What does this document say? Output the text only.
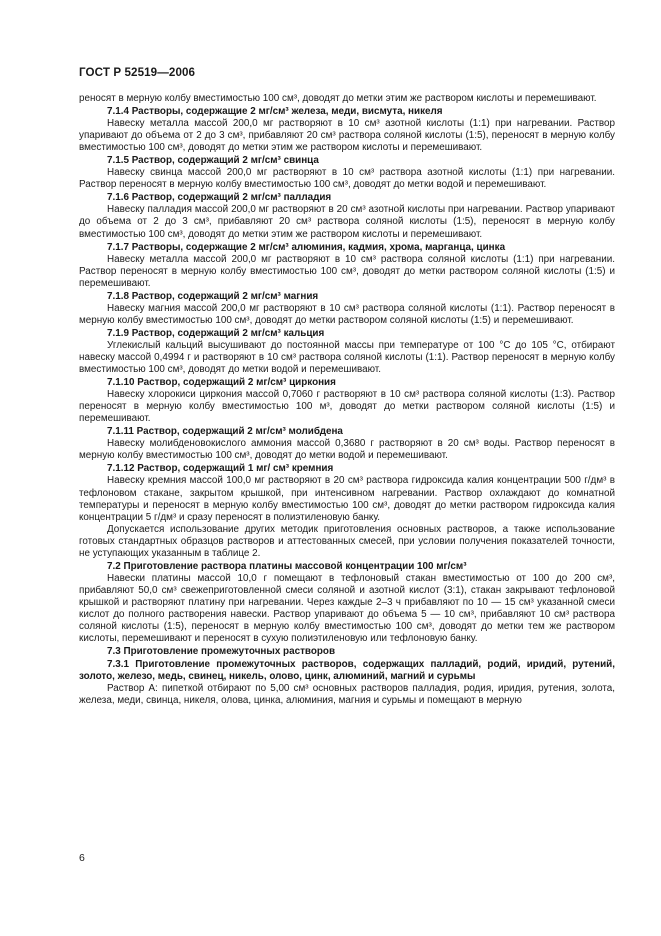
ГОСТ Р 52519—2006

реносят в мерную колбу вместимостью 100 см³, доводят до метки этим же раствором кислоты и перемешивают.

7.1.4 Растворы, содержащие 2 мг/см³ железа, меди, висмута, никеля

Навеску металла массой 200,0 мг растворяют в 10 см³ азотной кислоты (1:1) при нагревании. Раствор упаривают до объема от 2 до 3 см³, прибавляют 20 см³ раствора соляной кислоты (1:5), переносят в мерную колбу вместимостью 100 см³, доводят до метки этим же раствором кислоты и перемешивают.

7.1.5 Раствор, содержащий 2 мг/см³ свинца

Навеску свинца массой 200,0 мг растворяют в 10 см³ раствора азотной кислоты (1:1) при нагревании. Раствор переносят в мерную колбу вместимостью 100 см³, доводят до метки водой и перемешивают.

7.1.6 Раствор, содержащий 2 мг/см³ палладия

Навеску палладия массой 200,0 мг растворяют в 20 см³ азотной кислоты при нагревании. Раствор упаривают до объема от 2 до 3 см³, прибавляют 20 см³ раствора соляной кислоты (1:5), переносят в мерную колбу вместимостью 100 см³, доводят до метки этим же раствором кислоты и перемешивают.

7.1.7 Растворы, содержащие 2 мг/см³ алюминия, кадмия, хрома, марганца, цинка

Навеску металла массой 200,0 мг растворяют в 10 см³ раствора соляной кислоты (1:1) при нагревании. Раствор переносят в мерную колбу вместимостью 100 см³, доводят до метки раствором соляной кислоты (1:5) и перемешивают.

7.1.8 Раствор, содержащий 2 мг/см³ магния

Навеску магния массой 200,0 мг растворяют в 10 см³ раствора соляной кислоты (1:1). Раствор переносят в мерную колбу вместимостью 100 см³, доводят до метки раствором соляной кислоты (1:5) и перемешивают.

7.1.9 Раствор, содержащий 2 мг/см³ кальция

Углекислый кальций высушивают до постоянной массы при температуре от 100 °С до 105 °С, отбирают навеску массой 0,4994 г и растворяют в 10 см³ раствора соляной кислоты (1:1). Раствор переносят в мерную колбу вместимостью 100 см³, доводят до метки водой и перемешивают.

7.1.10 Раствор, содержащий 2 мг/см³ циркония

Навеску хлорокиси циркония массой 0,7060 г растворяют в 10 см³ раствора соляной кислоты (1:3). Раствор переносят в мерную колбу вместимостью 100 м³, доводят до метки раствором соляной кислоты (1:5) и перемешивают.

7.1.11 Раствор, содержащий 2 мг/см³ молибдена

Навеску молибденовокислого аммония массой 0,3680 г растворяют в 20 см³ воды. Раствор переносят в мерную колбу вместимостью 100 см³, доводят до метки водой и перемешивают.

7.1.12 Раствор, содержащий 1 мг/ см³ кремния

Навеску кремния массой 100,0 мг растворяют в 20 см³ раствора гидроксида калия концентрации 500 г/дм³ в тефлоновом стакане, закрытом крышкой, при интенсивном нагревании. Раствор охлаждают до комнатной температуры и переносят в мерную колбу вместимостью 100 см³, доводят до метки раствором гидроксида калия концентрации 5 г/дм³ и сразу переносят в полиэтиленовую банку.

Допускается использование других методик приготовления основных растворов, а также использование готовых стандартных образцов растворов и аттестованных смесей, при условии получения показателей точности, не уступающих указанным в таблице 2.

7.2 Приготовление раствора платины массовой концентрации 100 мг/см³

Навески платины массой 10,0 г помещают в тефлоновый стакан вместимостью от 100 до 200 см³, прибавляют 50,0 см³ свежеприготовленной смеси соляной и азотной кислот (3:1), стакан закрывают тефлоновой крышкой и растворяют платину при нагревании. Через каждые 2–3 ч прибавляют по 10 — 15 см³ указанной смеси кислот до полного растворения навески. Раствор упаривают до объема 5 — 10 см³, прибавляют 10 см³ раствора соляной кислоты (1:5), переносят в мерную колбу вместимостью 100 см³, доводят до метки тем же раствором кислоты, перемешивают и переносят в сухую полиэтиленовую или тефлоновую банку.

7.3 Приготовление промежуточных растворов

7.3.1 Приготовление промежуточных растворов, содержащих палладий, родий, иридий, рутений, золото, железо, медь, свинец, никель, олово, цинк, алюминий, магний и сурьмы

Раствор А: пипеткой отбирают по 5,00 см³ основных растворов палладия, родия, иридия, рутения, золота, железа, меди, свинца, никеля, олова, цинка, алюминия, магния и сурьмы и помещают в мерную

6
